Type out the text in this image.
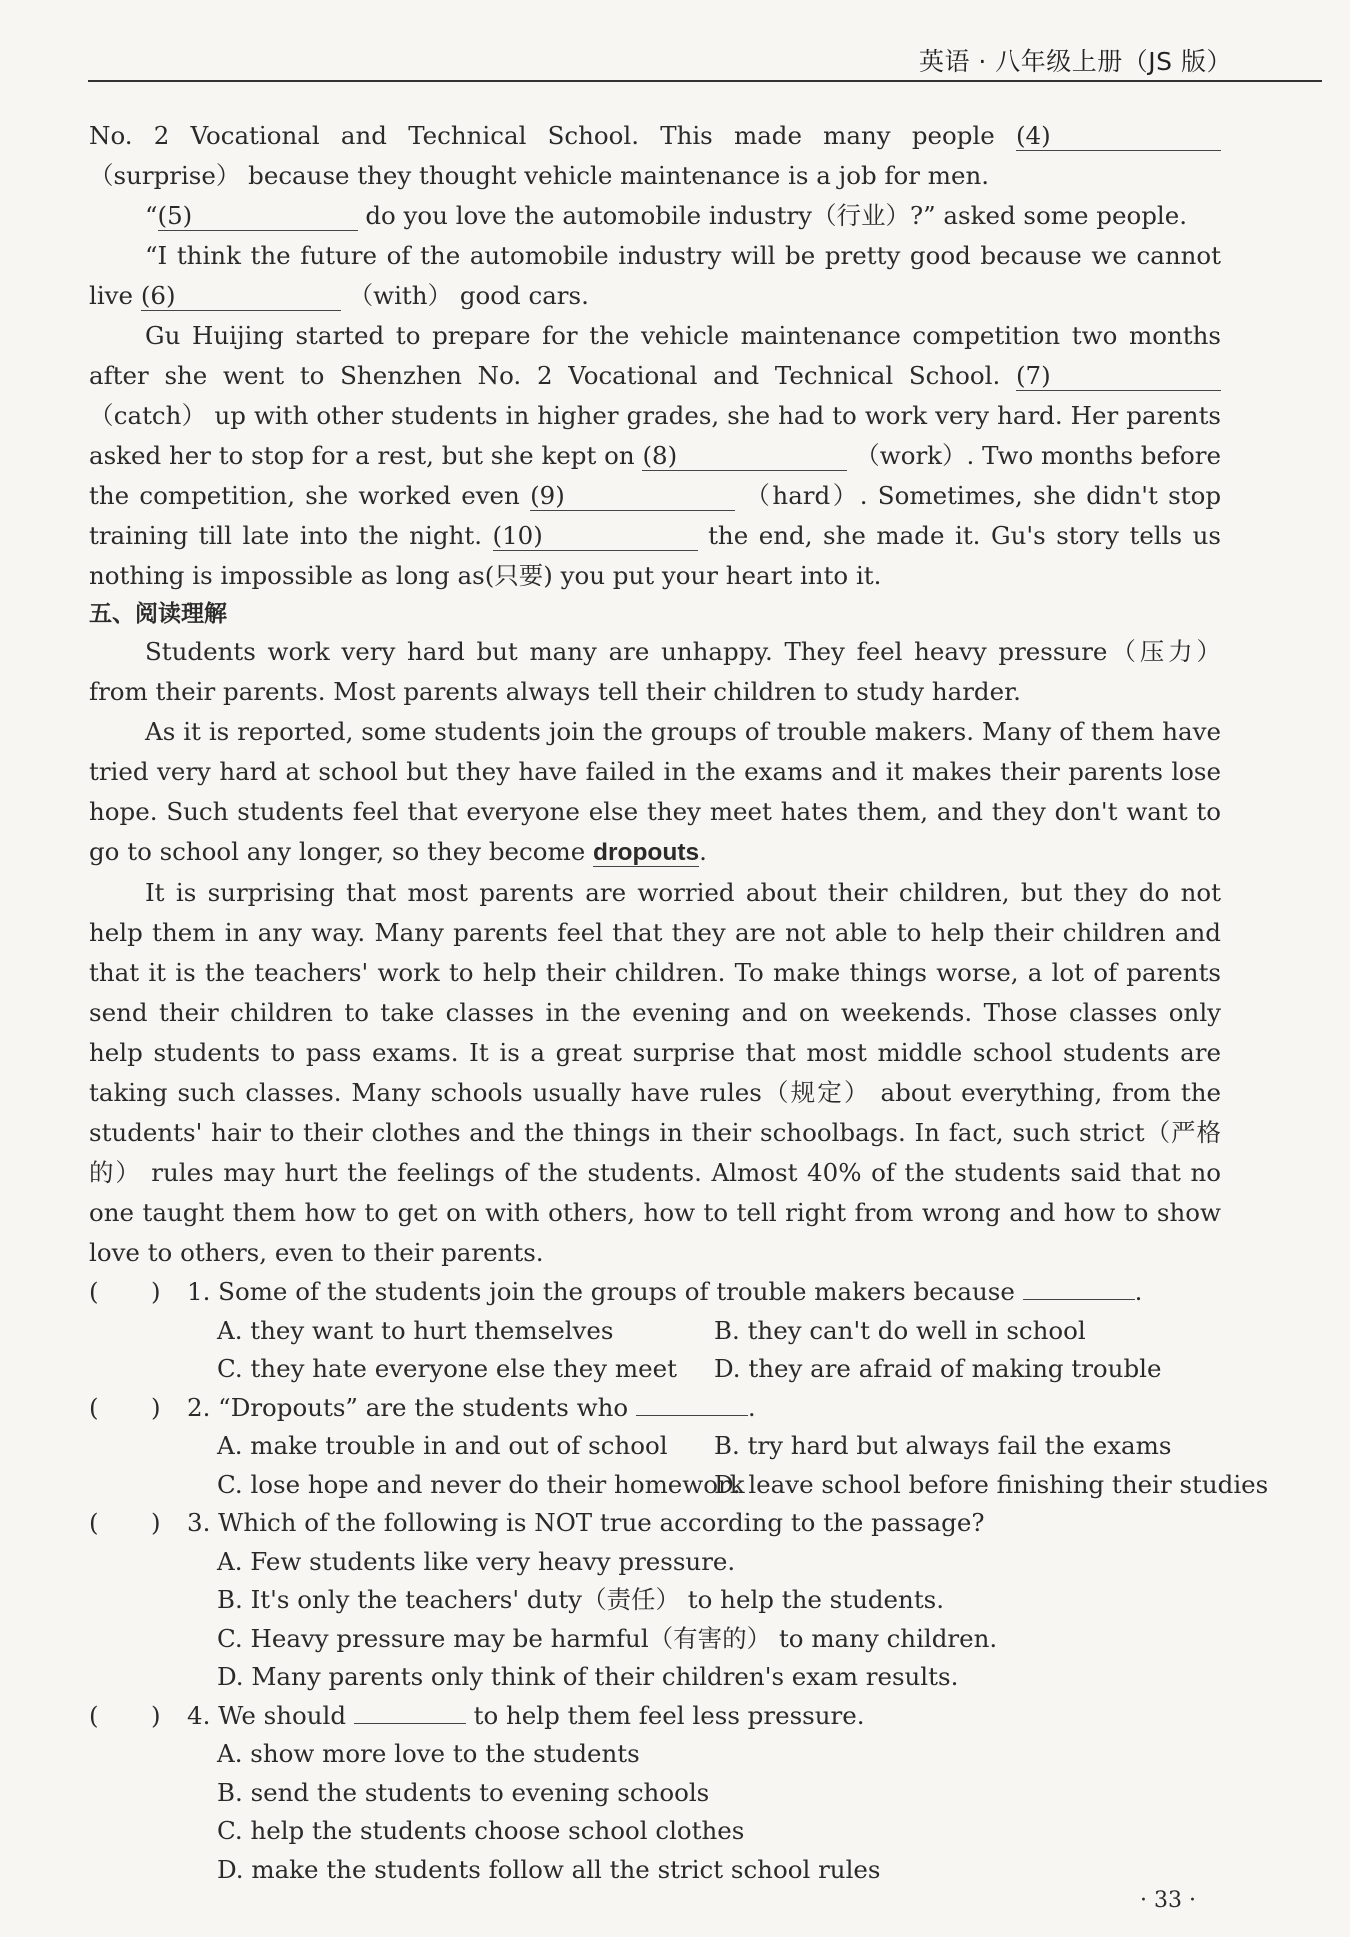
英语 · 八年级上册（JS 版）

No. 2 Vocational and Technical School. This made many people (4) （surprise） because they thought vehicle maintenance is a job for men.

“(5)	do you love the automobile industry（行业）?” asked some people.

“I think the future of the automobile industry will be pretty good because we cannot live (6)	（with） good cars.

Gu Huijing started to prepare for the vehicle maintenance competition two months after she went to Shenzhen No. 2 Vocational and Technical School. (7) （catch） up with other students in higher grades, she had to work very hard. Her parents asked her to stop for a rest, but she kept on (8)	（work）. Two months before the competition, she worked even (9)	（hard）. Sometimes, she didn't stop training till late into the night. (10)	the end, she made it. Gu's story tells us nothing is impossible as long as(只要) you put your heart into it.

五、阅读理解

Students work very hard but many are unhappy. They feel heavy pressure（压力） from their parents. Most parents always tell their children to study harder.

As it is reported, some students join the groups of trouble makers. Many of them have tried very hard at school but they have failed in the exams and it makes their parents lose hope. Such students feel that everyone else they meet hates them, and they don't want to go to school any longer, so they become dropouts.

It is surprising that most parents are worried about their children, but they do not help them in any way. Many parents feel that they are not able to help their children and that it is the teachers' work to help their children. To make things worse, a lot of parents send their children to take classes in the evening and on weekends. Those classes only help students to pass exams. It is a great surprise that most middle school students are taking such classes. Many schools usually have rules（规定） about everything, from the students' hair to their clothes and the things in their schoolbags. In fact, such strict（严格的） rules may hurt the feelings of the students. Almost 40% of the students said that no one taught them how to get on with others, how to tell right from wrong and how to show love to others, even to their parents.

( ) 1. Some of the students join the groups of trouble makers because	.
A. they want to hurt themselves	B. they can't do well in school
C. they hate everyone else they meet D. they are afraid of making trouble
( ) 2. “Dropouts” are the students who	.
A. make trouble in and out of school B. try hard but always fail the exams
C. lose hope and never do their homeworkD. leave school before finishing their studies
( ) 3. Which of the following is NOT true according to the passage?
A. Few students like very heavy pressure.
B. It's only the teachers' duty（责任） to help the students.
C. Heavy pressure may be harmful（有害的） to many children.
D. Many parents only think of their children's exam results.
( ) 4. We should	to help them feel less pressure.
A. show more love to the students
B. send the students to evening schools
C. help the students choose school clothes
D. make the students follow all the strict school rules
· 33 ·
